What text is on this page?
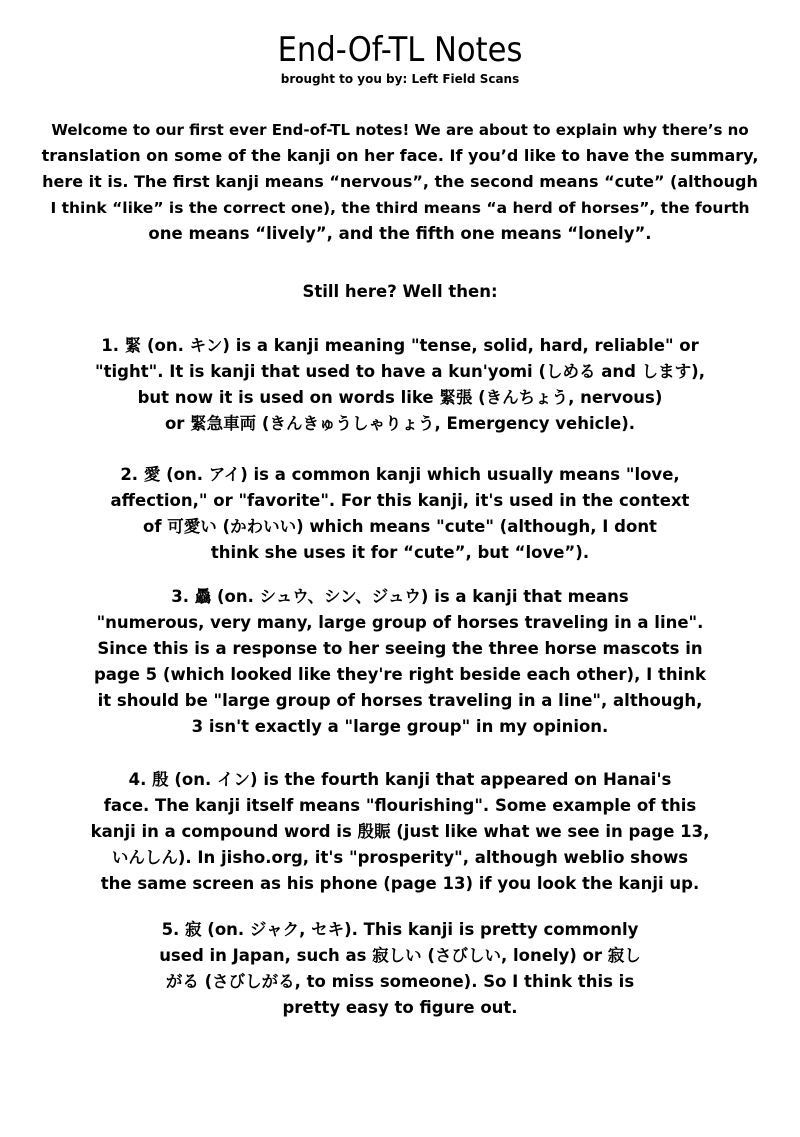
End-Of-TL Notes
brought to you by: Left Field Scans
Welcome to our first ever End-of-TL notes! We are about to explain why there’s no
translation on some of the kanji on her face. If you’d like to have the summary,
here it is. The first kanji means “nervous”, the second means “cute” (although
I think “like” is the correct one), the third means “a herd of horses”, the fourth
one means “lively”, and the fifth one means “lonely”.
Still here? Well then:
1. 緊 (on. キン) is a kanji meaning "tense, solid, hard, reliable" or
"tight". It is kanji that used to have a kun'yomi (しめる and します),
but now it is used on words like 緊張 (きんちょう, nervous)
or 緊急車両 (きんきゅうしゃりょう, Emergency vehicle).
2. 愛 (on. アイ) is a common kanji which usually means "love,
affection," or "favorite". For this kanji, it's used in the context
of 可愛い (かわいい) which means "cute" (although, I dont
think she uses it for “cute”, but “love”).
3. 驫 (on. シュウ、シン、ジュウ) is a kanji that means
"numerous, very many, large group of horses traveling in a line".
Since this is a response to her seeing the three horse mascots in
page 5 (which looked like they're right beside each other), I think
it should be "large group of horses traveling in a line", although,
3 isn't exactly a "large group" in my opinion.
4. 殷 (on. イン) is the fourth kanji that appeared on Hanai's
face. The kanji itself means "flourishing". Some example of this
kanji in a compound word is 殷賑 (just like what we see in page 13,
いんしん). In jisho.org, it's "prosperity", although weblio shows
the same screen as his phone (page 13) if you look the kanji up.
5. 寂 (on. ジャク, セキ). This kanji is pretty commonly
used in Japan, such as 寂しい (さびしい, lonely) or 寂し
がる (さびしがる, to miss someone). So I think this is
pretty easy to figure out.
